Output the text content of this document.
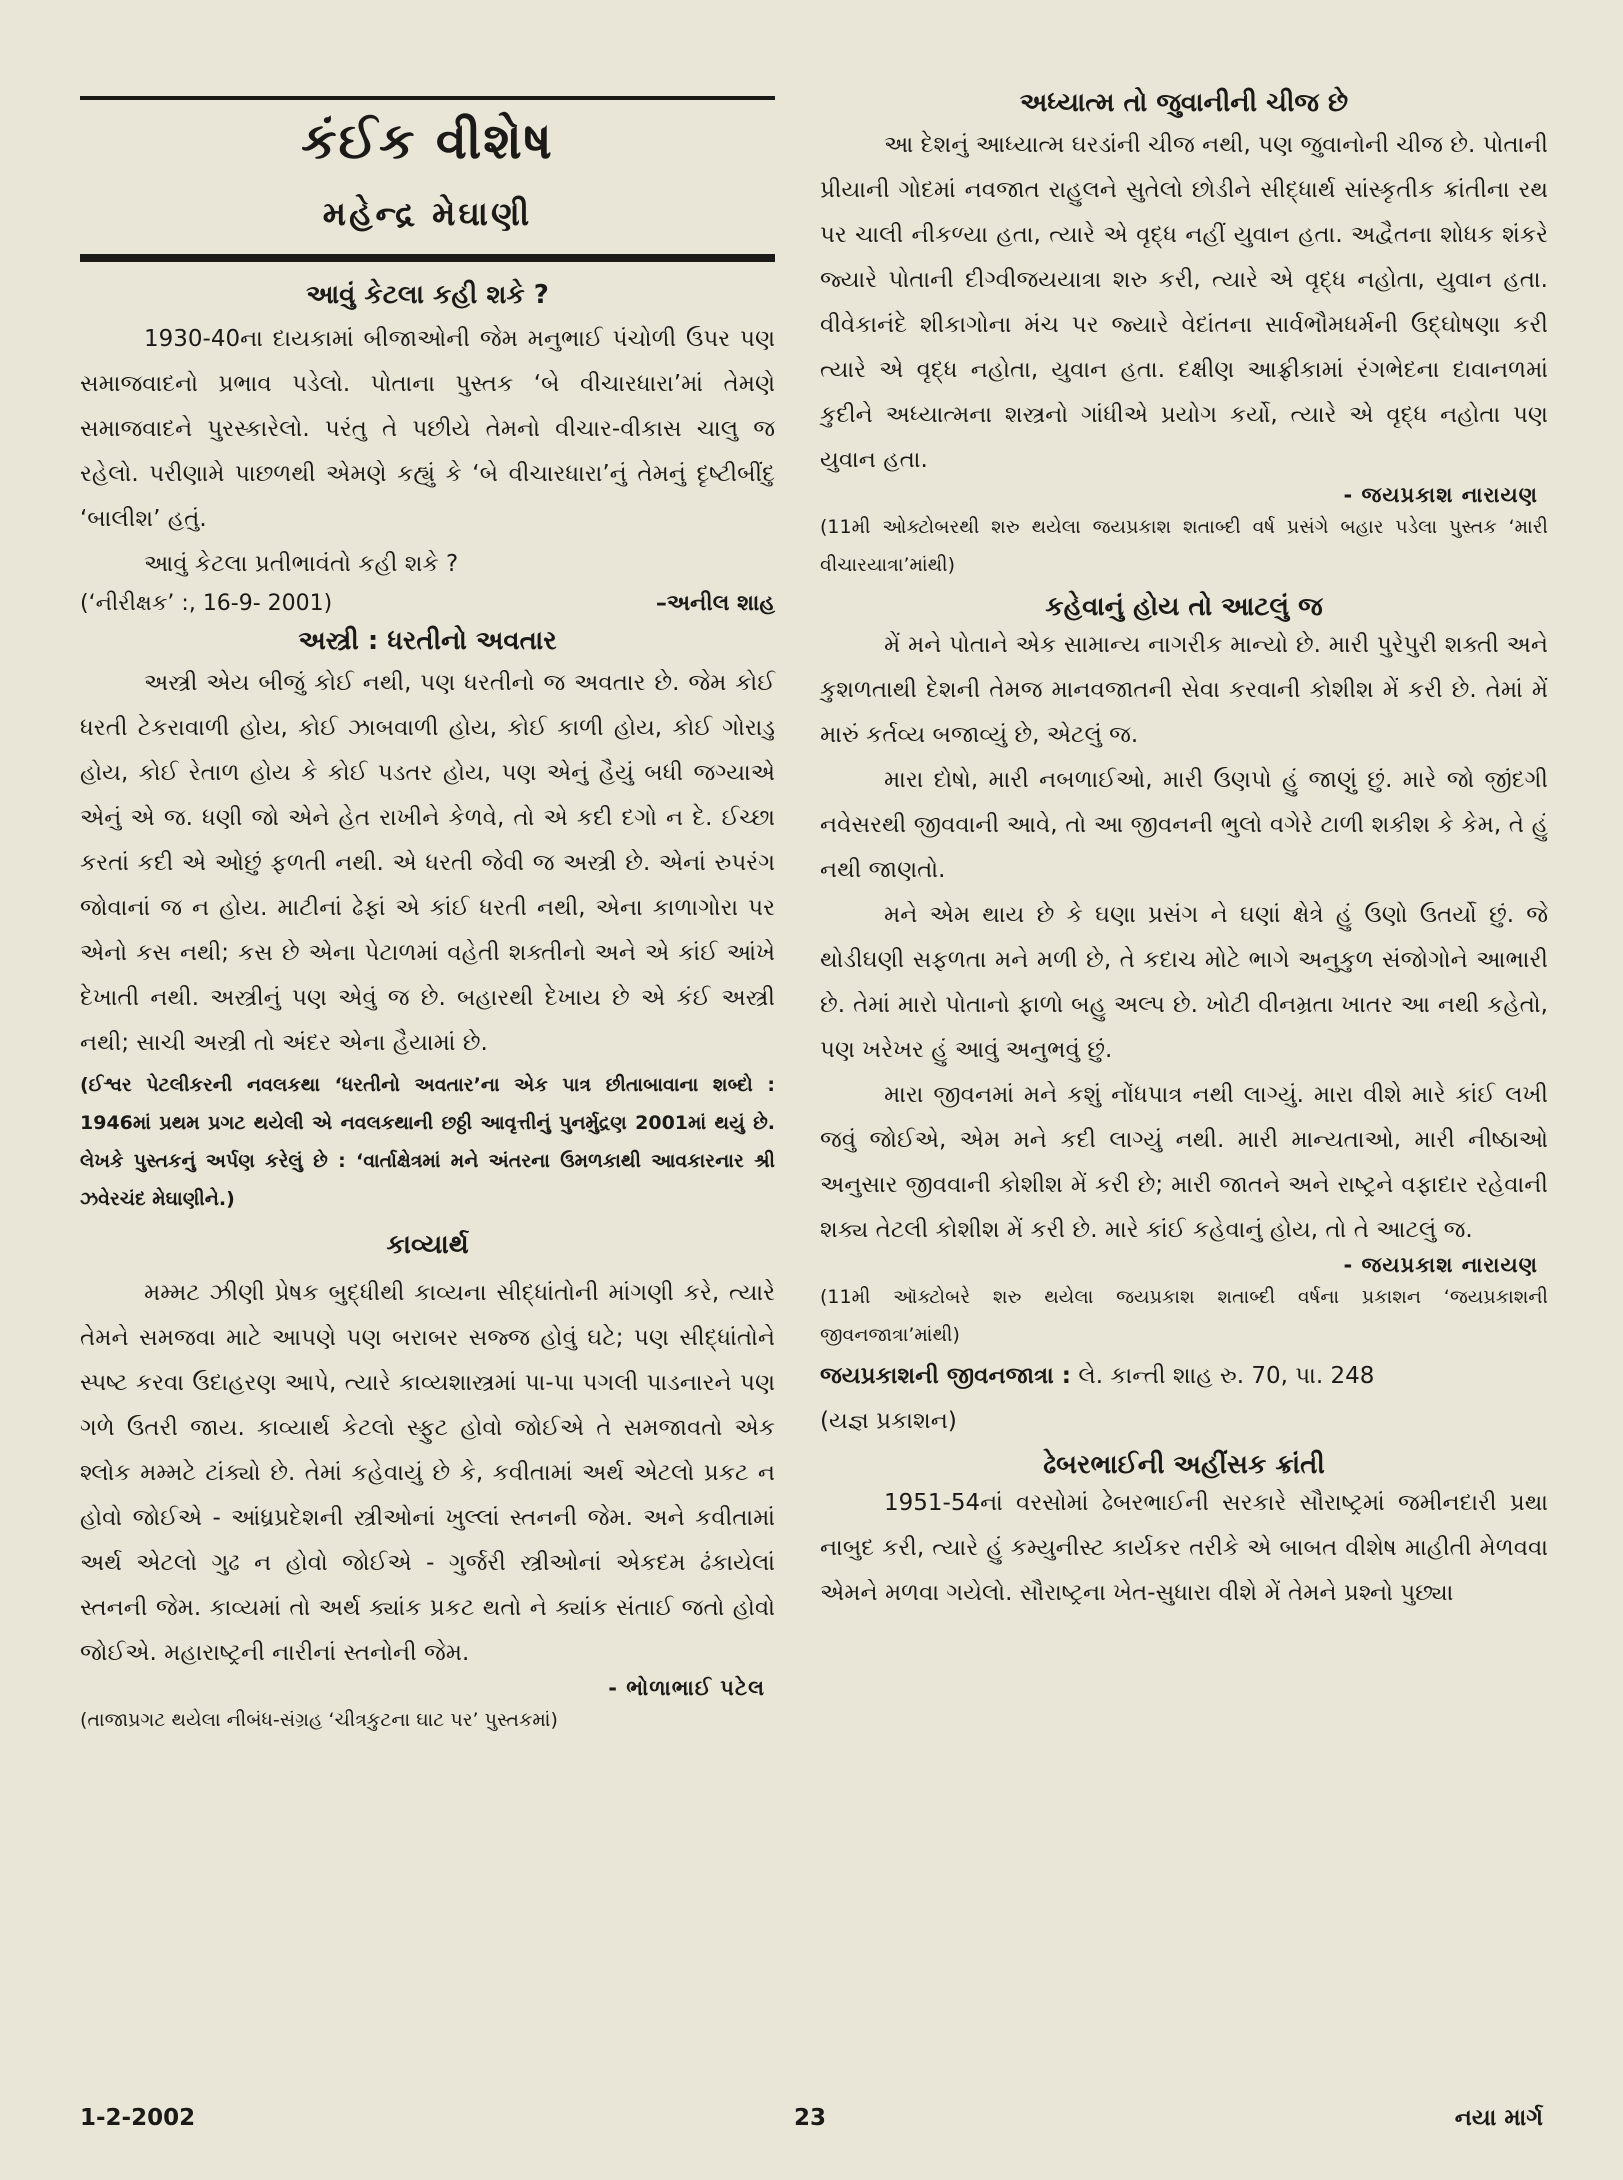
કંઈક વીશેષ
મહેન્દ્ર મેઘાણી
આવું કેટલા કહી શકે ?

1930-40ના દાયકામાં બીજાઓની જેમ મનુભાઈ પંચોળી ઉપર પણ સમાજવાદનો પ્રભાવ પડેલો. પોતાના પુસ્તક ‘બે વીચારધારા’માં તેમણે સમાજવાદને પુરસ્કારેલો. પરંતુ તે પછીયે તેમનો વીચાર-વીકાસ ચાલુ જ રહેલો. પરીણામે પાછળથી એમણે કહ્યું કે ‘બે વીચારધારા’નું તેમનું દૃષ્ટીબીંદુ ‘બાલીશ’ હતું.

આવું કેટલા પ્રતીભાવંતો કહી શકે ?

(‘નીરીક્ષક’ :, 16-9- 2001)	–અનીલ શાહ
અસ્ત્રી : ધરતીનો અવતાર

અસ્ત્રી એય બીજું કોઈ નથી, પણ ધરતીનો જ અવતાર છે. જેમ કોઈ ધરતી ટેકરાવાળી હોય, કોઈ ઝાબવાળી હોય, કોઈ કાળી હોય, કોઈ ગોરાડુ હોય, કોઈ રેતાળ હોય કે કોઈ પડતર હોય, પણ એનું હૈયું બધી જગ્યાએ એનું એ જ. ધણી જો એને હેત રાખીને કેળવે, તો એ કદી દગો ન દે. ઈચ્છા કરતાં કદી એ ઓછું ફળતી નથી. એ ધરતી જેવી જ અસ્ત્રી છે. એનાં રુપરંગ જોવાનાં જ ન હોય. માટીનાં ઢેફાં એ કાંઈ ધરતી નથી, એના કાળાગોરા પર એનો કસ નથી; કસ છે એના પેટાળમાં વહેતી શક્તીનો અને એ કાંઈ આંખે દેખાતી નથી. અસ્ત્રીનું પણ એવું જ છે. બહારથી દેખાય છે એ કંઈ અસ્ત્રી નથી; સાચી અસ્ત્રી તો અંદર એના હૈયામાં છે.

(ઈશ્વર પેટલીકરની નવલકથા ‘ધરતીનો અવતાર’ના એક પાત્ર છીતાબાવાના શબ્દો : 1946માં પ્રથમ પ્રગટ થયેલી એ નવલકથાની છઠ્ઠી આવૃત્તીનું પુનર્મુદ્રણ 2001માં થયું છે. લેખકે પુસ્તકનું અર્પણ કરેલું છે : ‘વાર્તાક્ષેત્રમાં મને અંતરના ઉમળકાથી આવકારનાર શ્રી ઝવેરચંદ મેઘાણીને.)

કાવ્યાર્થ

મમ્મટ ઝીણી પ્રેષક બુદ્ધીથી કાવ્યના સીદ્ધાંતોની માંગણી કરે, ત્યારે તેમને સમજવા માટે આપણે પણ બરાબર સજ્જ હોવું ઘટે; પણ સીદ્ધાંતોને સ્પષ્ટ કરવા ઉદાહરણ આપે, ત્યારે કાવ્યશાસ્ત્રમાં પા-પા પગલી પાડનારને પણ ગળે ઉતરી જાય. કાવ્યાર્થ કેટલો સ્ફુટ હોવો જોઈએ તે સમજાવતો એક શ્લોક મમ્મટે ટાંક્યો છે. તેમાં કહેવાયું છે કે, કવીતામાં અર્થ એટલો પ્રકટ ન હોવો જોઈએ - આંધ્રપ્રદેશની સ્ત્રીઓનાં ખુલ્લાં સ્તનની જેમ. અને કવીતામાં અર્થ એટલો ગુઢ ન હોવો જોઈએ - ગુર્જરી સ્ત્રીઓનાં એકદમ ઢંકાયેલાં સ્તનની જેમ. કાવ્યમાં તો અર્થ ક્યાંક પ્રકટ થતો ને ક્યાંક સંતાઈ જતો હોવો જોઈએ. મહારાષ્ટ્રની નારીનાં સ્તનોની જેમ.

- ભોળાભાઈ પટેલ

(તાજાપ્રગટ થયેલા નીબંધ-સંગ્રહ ‘ચીત્રકુટના ઘાટ પર’ પુસ્તકમાં)

અધ્યાત્મ તો જુવાનીની ચીજ છે

આ દેશનું આધ્યાત્મ ઘરડાંની ચીજ નથી, પણ જુવાનોની ચીજ છે. પોતાની પ્રીયાની ગોદમાં નવજાત રાહુલને સુતેલો છોડીને સીદ્ધાર્થ સાંસ્કૃતીક ક્રાંતીના રથ પર ચાલી નીકળ્યા હતા, ત્યારે એ વૃદ્ધ નહીં યુવાન હતા. અદ્વૈતના શોધક શંકરે જ્યારે પોતાની દીગ્વીજયયાત્રા શરુ કરી, ત્યારે એ વૃદ્ધ નહોતા, યુવાન હતા. વીવેકાનંદે શીકાગોના મંચ પર જ્યારે વેદાંતના સાર્વભૌમધર્મની ઉદ્ઘોષણા કરી ત્યારે એ વૃદ્ધ નહોતા, યુવાન હતા. દક્ષીણ આફ્રીકામાં રંગભેદના દાવાનળમાં કુદીને અધ્યાત્મના શસ્ત્રનો ગાંધીએ પ્રયોગ કર્યો, ત્યારે એ વૃદ્ધ નહોતા પણ યુવાન હતા.

- જયપ્રકાશ નારાયણ

(11મી ઓક્ટોબરથી શરુ થયેલા જયપ્રકાશ શતાબ્દી વર્ષ પ્રસંગે બહાર પડેલા પુસ્તક ‘મારી વીચારયાત્રા’માંથી)

કહેવાનું હોય તો આટલું જ

મેં મને પોતાને એક સામાન્ય નાગરીક માન્યો છે. મારી પુરેપુરી શક્તી અને કુશળતાથી દેશની તેમજ માનવજાતની સેવા કરવાની કોશીશ મેં કરી છે. તેમાં મેં મારું કર્તવ્ય બજાવ્યું છે, એટલું જ.

મારા દોષો, મારી નબળાઈઓ, મારી ઉણપો હું જાણું છું. મારે જો જીંદગી નવેસરથી જીવવાની આવે, તો આ જીવનની ભુલો વગેરે ટાળી શકીશ કે કેમ, તે હું નથી જાણતો.

મને એમ થાય છે કે ઘણા પ્રસંગ ને ઘણાં ક્ષેત્રે હું ઉણો ઉતર્યો છું. જે થોડીઘણી સફળતા મને મળી છે, તે કદાચ મોટે ભાગે અનુકુળ સંજોગોને આભારી છે. તેમાં મારો પોતાનો ફાળો બહુ અલ્પ છે. ખોટી વીનમ્રતા ખાતર આ નથી કહેતો, પણ ખરેખર હું આવું અનુભવું છું.

મારા જીવનમાં મને કશું નોંધપાત્ર નથી લાગ્યું. મારા વીશે મારે કાંઈ લખી જવું જોઈએ, એમ મને કદી લાગ્યું નથી. મારી માન્યતાઓ, મારી નીષ્ઠાઓ અનુસાર જીવવાની કોશીશ મેં કરી છે; મારી જાતને અને રાષ્ટ્રને વફાદાર રહેવાની શક્ય તેટલી કોશીશ મેં કરી છે. મારે કાંઈ કહેવાનું હોય, તો તે આટલું જ.

- જયપ્રકાશ નારાયણ

(11મી ઑક્ટોબરે શરુ થયેલા જયપ્રકાશ શતાબ્દી વર્ષના પ્રકાશન ‘જયપ્રકાશની જીવનજાત્રા’માંથી)

જયપ્રકાશની જીવનજાત્રા : લે. કાન્તી શાહ રુ. 70, પા. 248

(યજ્ઞ પ્રકાશન)

ઢેબરભાઈની અહીંસક ક્રાંતી

1951-54નાં વરસોમાં ઢેબરભાઈની સરકારે સૌરાષ્ટ્રમાં જમીનદારી પ્રથા નાબુદ કરી, ત્યારે હું કમ્યુનીસ્ટ કાર્યકર તરીકે એ બાબત વીશેષ માહીતી મેળવવા એમને મળવા ગયેલો. સૌરાષ્ટ્રના ખેત-સુધારા વીશે મેં તેમને પ્રશ્નો પુછ્યા

1-2-2002	23	નયા માર્ગ
